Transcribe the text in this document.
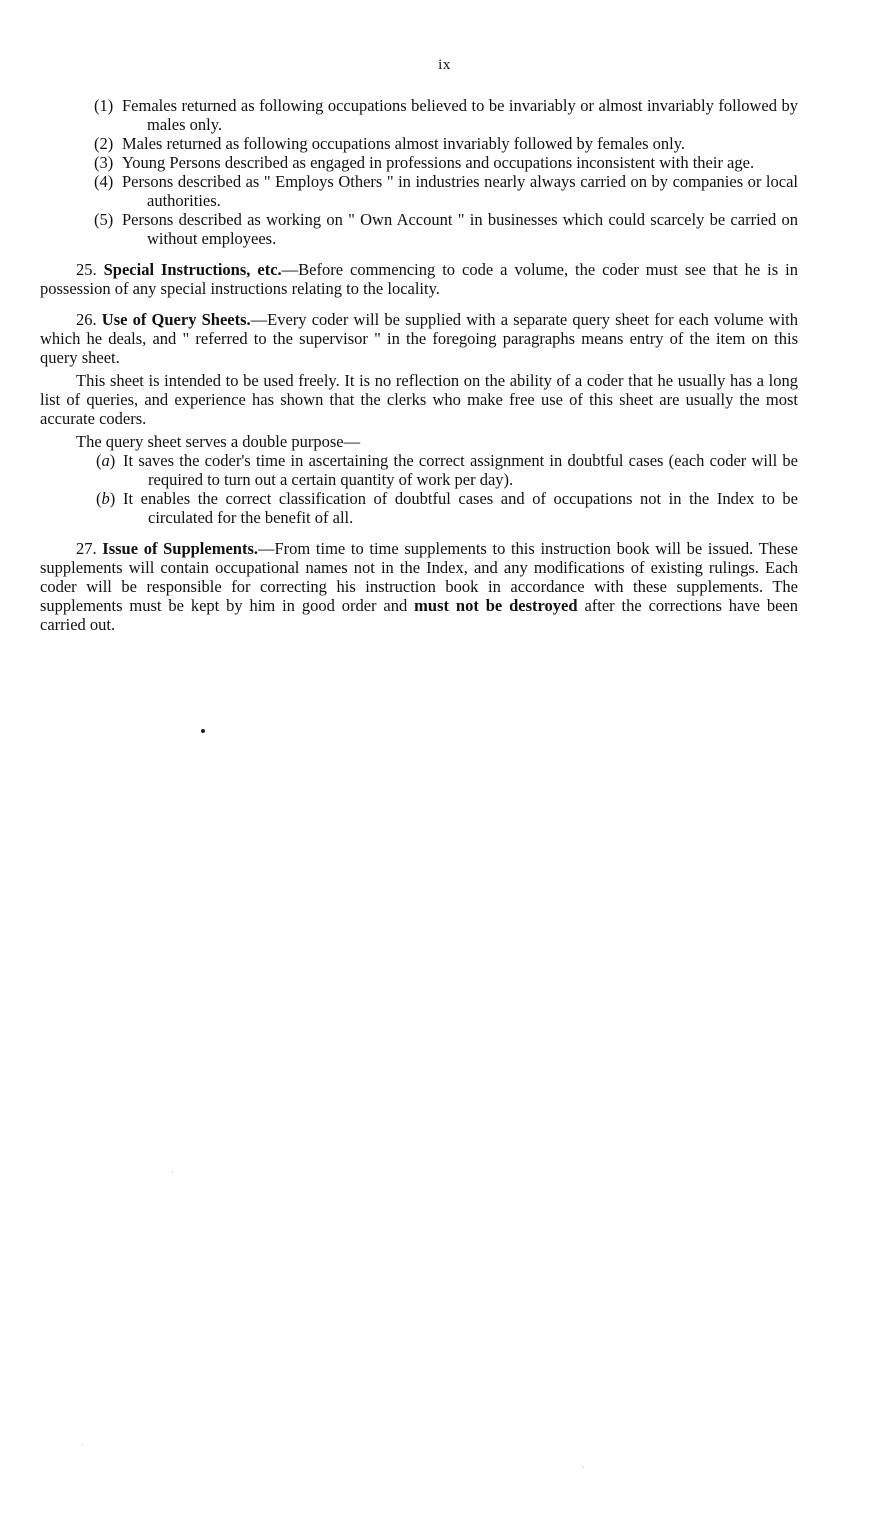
ix
(1) Females returned as following occupations believed to be invariably or almost invariably followed by males only.
(2) Males returned as following occupations almost invariably followed by females only.
(3) Young Persons described as engaged in professions and occupations inconsistent with their age.
(4) Persons described as " Employs Others " in industries nearly always carried on by companies or local authorities.
(5) Persons described as working on " Own Account " in businesses which could scarcely be carried on without employees.

25. Special Instructions, etc.—Before commencing to code a volume, the coder must see that he is in possession of any special instructions relating to the locality.

26. Use of Query Sheets.—Every coder will be supplied with a separate query sheet for each volume with which he deals, and " referred to the supervisor " in the foregoing paragraphs means entry of the item on this query sheet.

This sheet is intended to be used freely. It is no reflection on the ability of a coder that he usually has a long list of queries, and experience has shown that the clerks who make free use of this sheet are usually the most accurate coders.

The query sheet serves a double purpose—

(a) It saves the coder's time in ascertaining the correct assignment in doubtful cases (each coder will be required to turn out a certain quantity of work per day).
(b) It enables the correct classification of doubtful cases and of occupations not in the Index to be circulated for the benefit of all.

27. Issue of Supplements.—From time to time supplements to this instruction book will be issued. These supplements will contain occupational names not in the Index, and any modifications of existing rulings. Each coder will be responsible for correcting his instruction book in accordance with these supplements. The supplements must be kept by him in good order and must not be destroyed after the corrections have been carried out.
